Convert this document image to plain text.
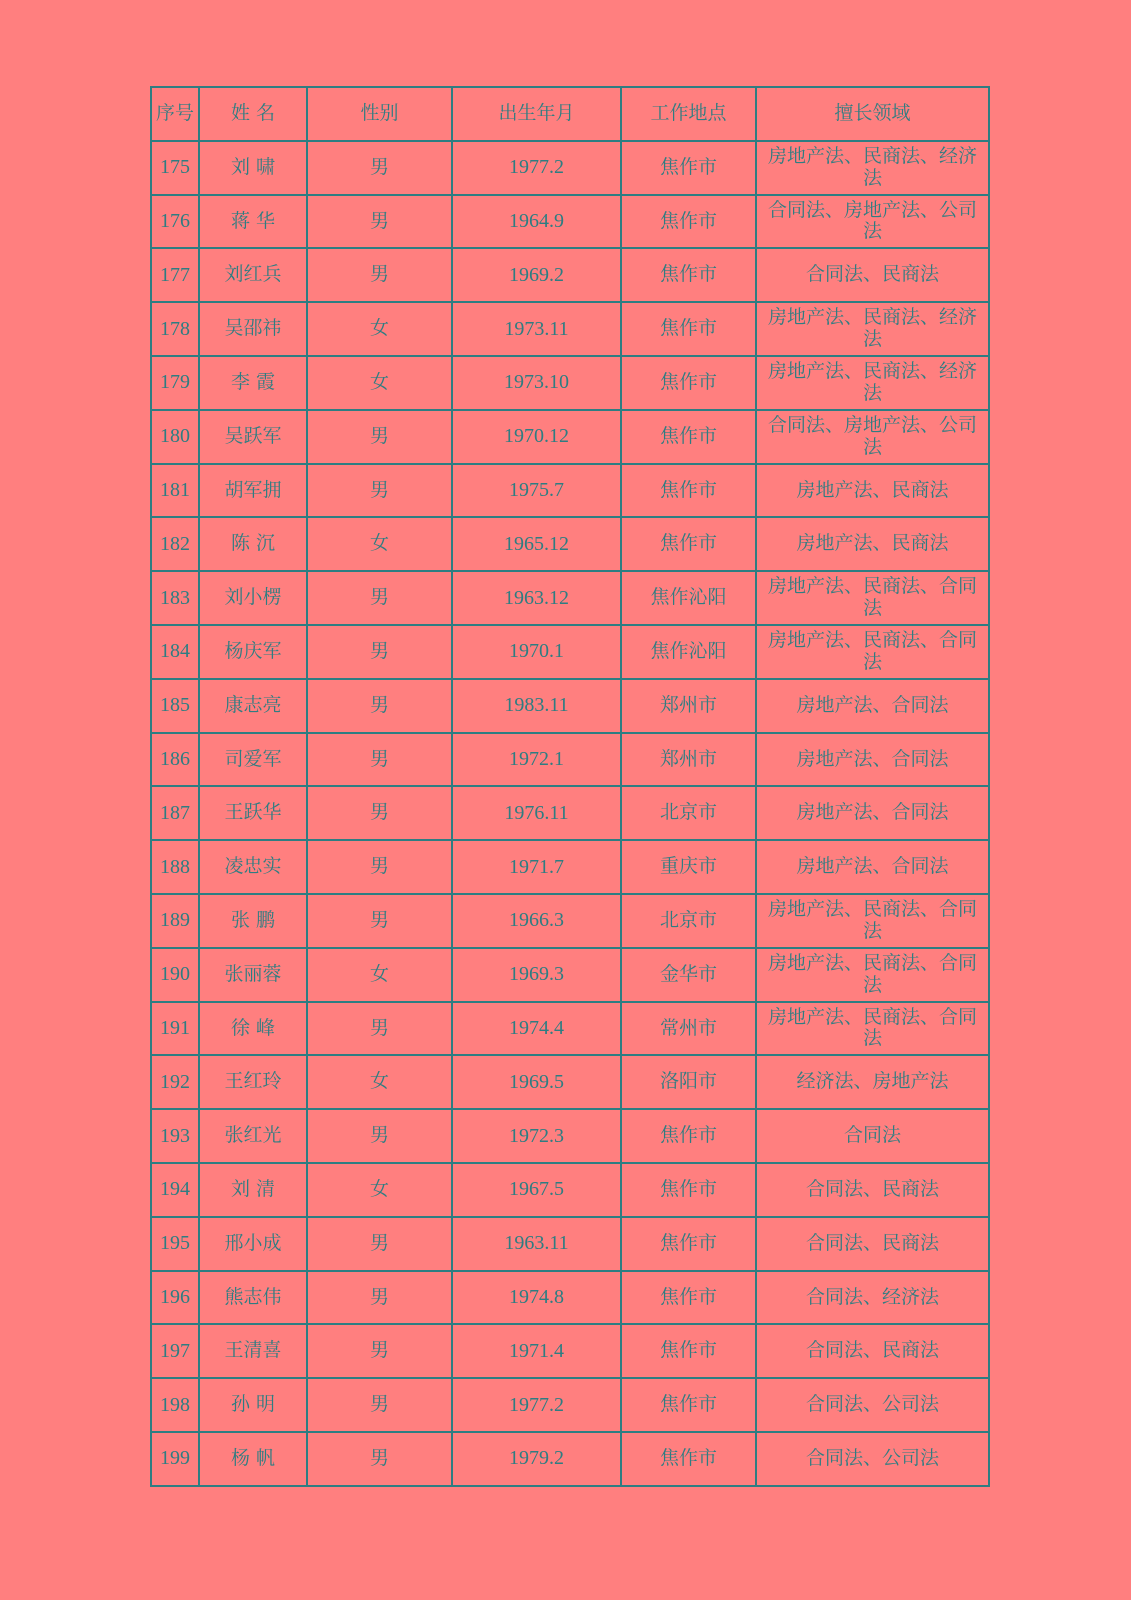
序号	姓 名	性别	出生年月	工作地点	擅长领域
175	刘 啸	男	1977.2	焦作市	房地产法、民商法、经济法
176	蒋 华	男	1964.9	焦作市	合同法、房地产法、公司法
177	刘红兵	男	1969.2	焦作市	合同法、民商法
178	吴邵祎	女	1973.11	焦作市	房地产法、民商法、经济法
179	李 霞	女	1973.10	焦作市	房地产法、民商法、经济法
180	吴跃军	男	1970.12	焦作市	合同法、房地产法、公司法
181	胡军拥	男	1975.7	焦作市	房地产法、民商法
182	陈 沉	女	1965.12	焦作市	房地产法、民商法
183	刘小楞	男	1963.12	焦作沁阳	房地产法、民商法、合同法
184	杨庆军	男	1970.1	焦作沁阳	房地产法、民商法、合同法
185	康志亮	男	1983.11	郑州市	房地产法、合同法
186	司爱军	男	1972.1	郑州市	房地产法、合同法
187	王跃华	男	1976.11	北京市	房地产法、合同法
188	凌忠实	男	1971.7	重庆市	房地产法、合同法
189	张 鹏	男	1966.3	北京市	房地产法、民商法、合同法
190	张丽蓉	女	1969.3	金华市	房地产法、民商法、合同法
191	徐 峰	男	1974.4	常州市	房地产法、民商法、合同法
192	王红玲	女	1969.5	洛阳市	经济法、房地产法
193	张红光	男	1972.3	焦作市	合同法
194	刘 清	女	1967.5	焦作市	合同法、民商法
195	邢小成	男	1963.11	焦作市	合同法、民商法
196	熊志伟	男	1974.8	焦作市	合同法、经济法
197	王清喜	男	1971.4	焦作市	合同法、民商法
198	孙 明	男	1977.2	焦作市	合同法、公司法
199	杨 帆	男	1979.2	焦作市	合同法、公司法
